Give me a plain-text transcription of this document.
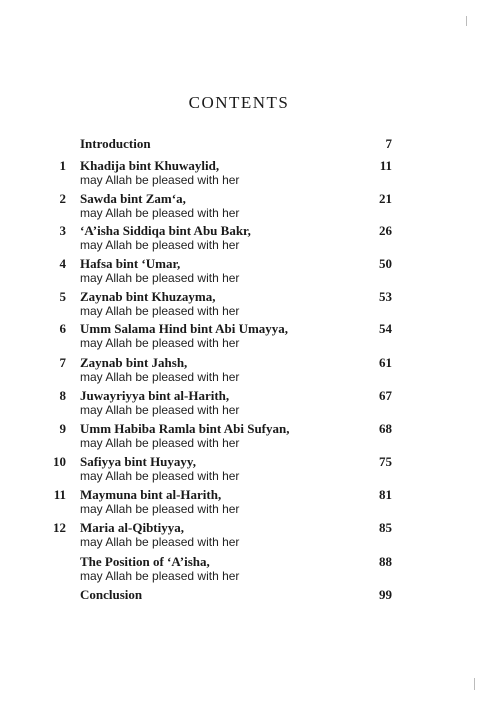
CONTENTS
Introduction	7
1 Khadija bint Khuwaylid,
may Allah be pleased with her
11
2 Sawda bint Zam‘a,
may Allah be pleased with her
21
3 ‘A’isha Siddiqa bint Abu Bakr,
may Allah be pleased with her
26
4 Hafsa bint ‘Umar,
may Allah be pleased with her
50
5 Zaynab bint Khuzayma,
may Allah be pleased with her
53
6 Umm Salama Hind bint Abi Umayya,
may Allah be pleased with her
54
7 Zaynab bint Jahsh,
may Allah be pleased with her
61
8 Juwayriyya bint al-Harith,
may Allah be pleased with her
67
9 Umm Habiba Ramla bint Abi Sufyan,
may Allah be pleased with her
68
10 Safiyya bint Huyayy,
may Allah be pleased with her
75
11 Maymuna bint al-Harith,
may Allah be pleased with her
81
12 Maria al-Qibtiyya,
may Allah be pleased with her
85
The Position of ‘A’isha,
may Allah be pleased with her
88
Conclusion	99
